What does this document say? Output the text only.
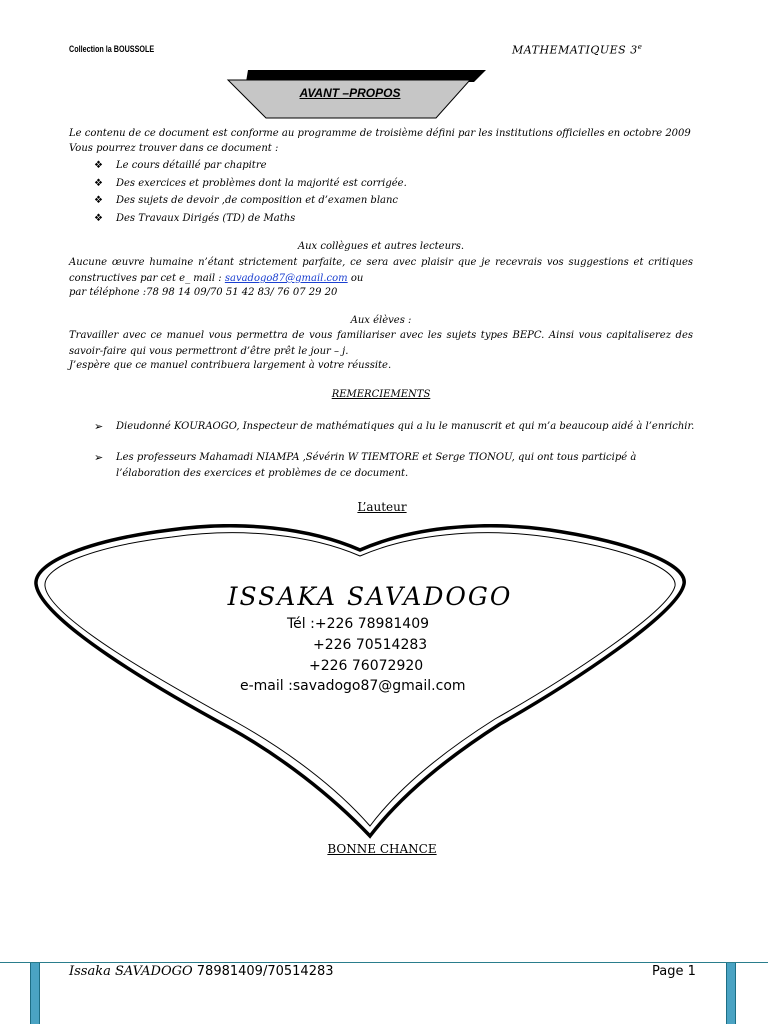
Collection la BOUSSOLE	MATHEMATIQUES 3e
AVANT –PROPOS
Le contenu de ce document est conforme au programme de troisième défini par les institutions officielles en octobre 2009
Vous pourrez trouver dans ce document :
❖	Le cours détaillé par chapitre
❖	Des exercices et problèmes dont la majorité est corrigée.
❖	Des sujets de devoir ,de composition et d’examen blanc
❖	Des Travaux Dirigés (TD) de Maths
Aux collègues et autres lecteurs.
Aucune œuvre humaine n’étant strictement parfaite, ce sera avec plaisir que je recevrais vos suggestions et critiques constructives par cet e_ mail : savadogo87@gmail.com ou
par téléphone :78 98 14 09/70 51 42 83/ 76 07 29 20
Aux élèves :
Travailler avec ce manuel vous permettra de vous familiariser avec les sujets types BEPC. Ainsi vous capitaliserez des savoir-faire qui vous permettront d’être prêt le jour – j.
J’espère que ce manuel contribuera largement à votre réussite.
REMERCIEMENTS
➢	Dieudonné KOURAOGO, Inspecteur de mathématiques qui a lu le manuscrit et qui m’a beaucoup aidé à l’enrichir.
➢	Les professeurs Mahamadi NIAMPA ,Sévérin W TIEMTORE et Serge TIONOU, qui ont tous participé à l’élaboration des exercices et problèmes de ce document.
L’auteur
ISSAKA SAVADOGO
Tél :+226 78981409
+226 70514283
+226 76072920
e-mail :savadogo87@gmail.com
BONNE CHANCE
Issaka SAVADOGO 78981409/70514283	Page 1
